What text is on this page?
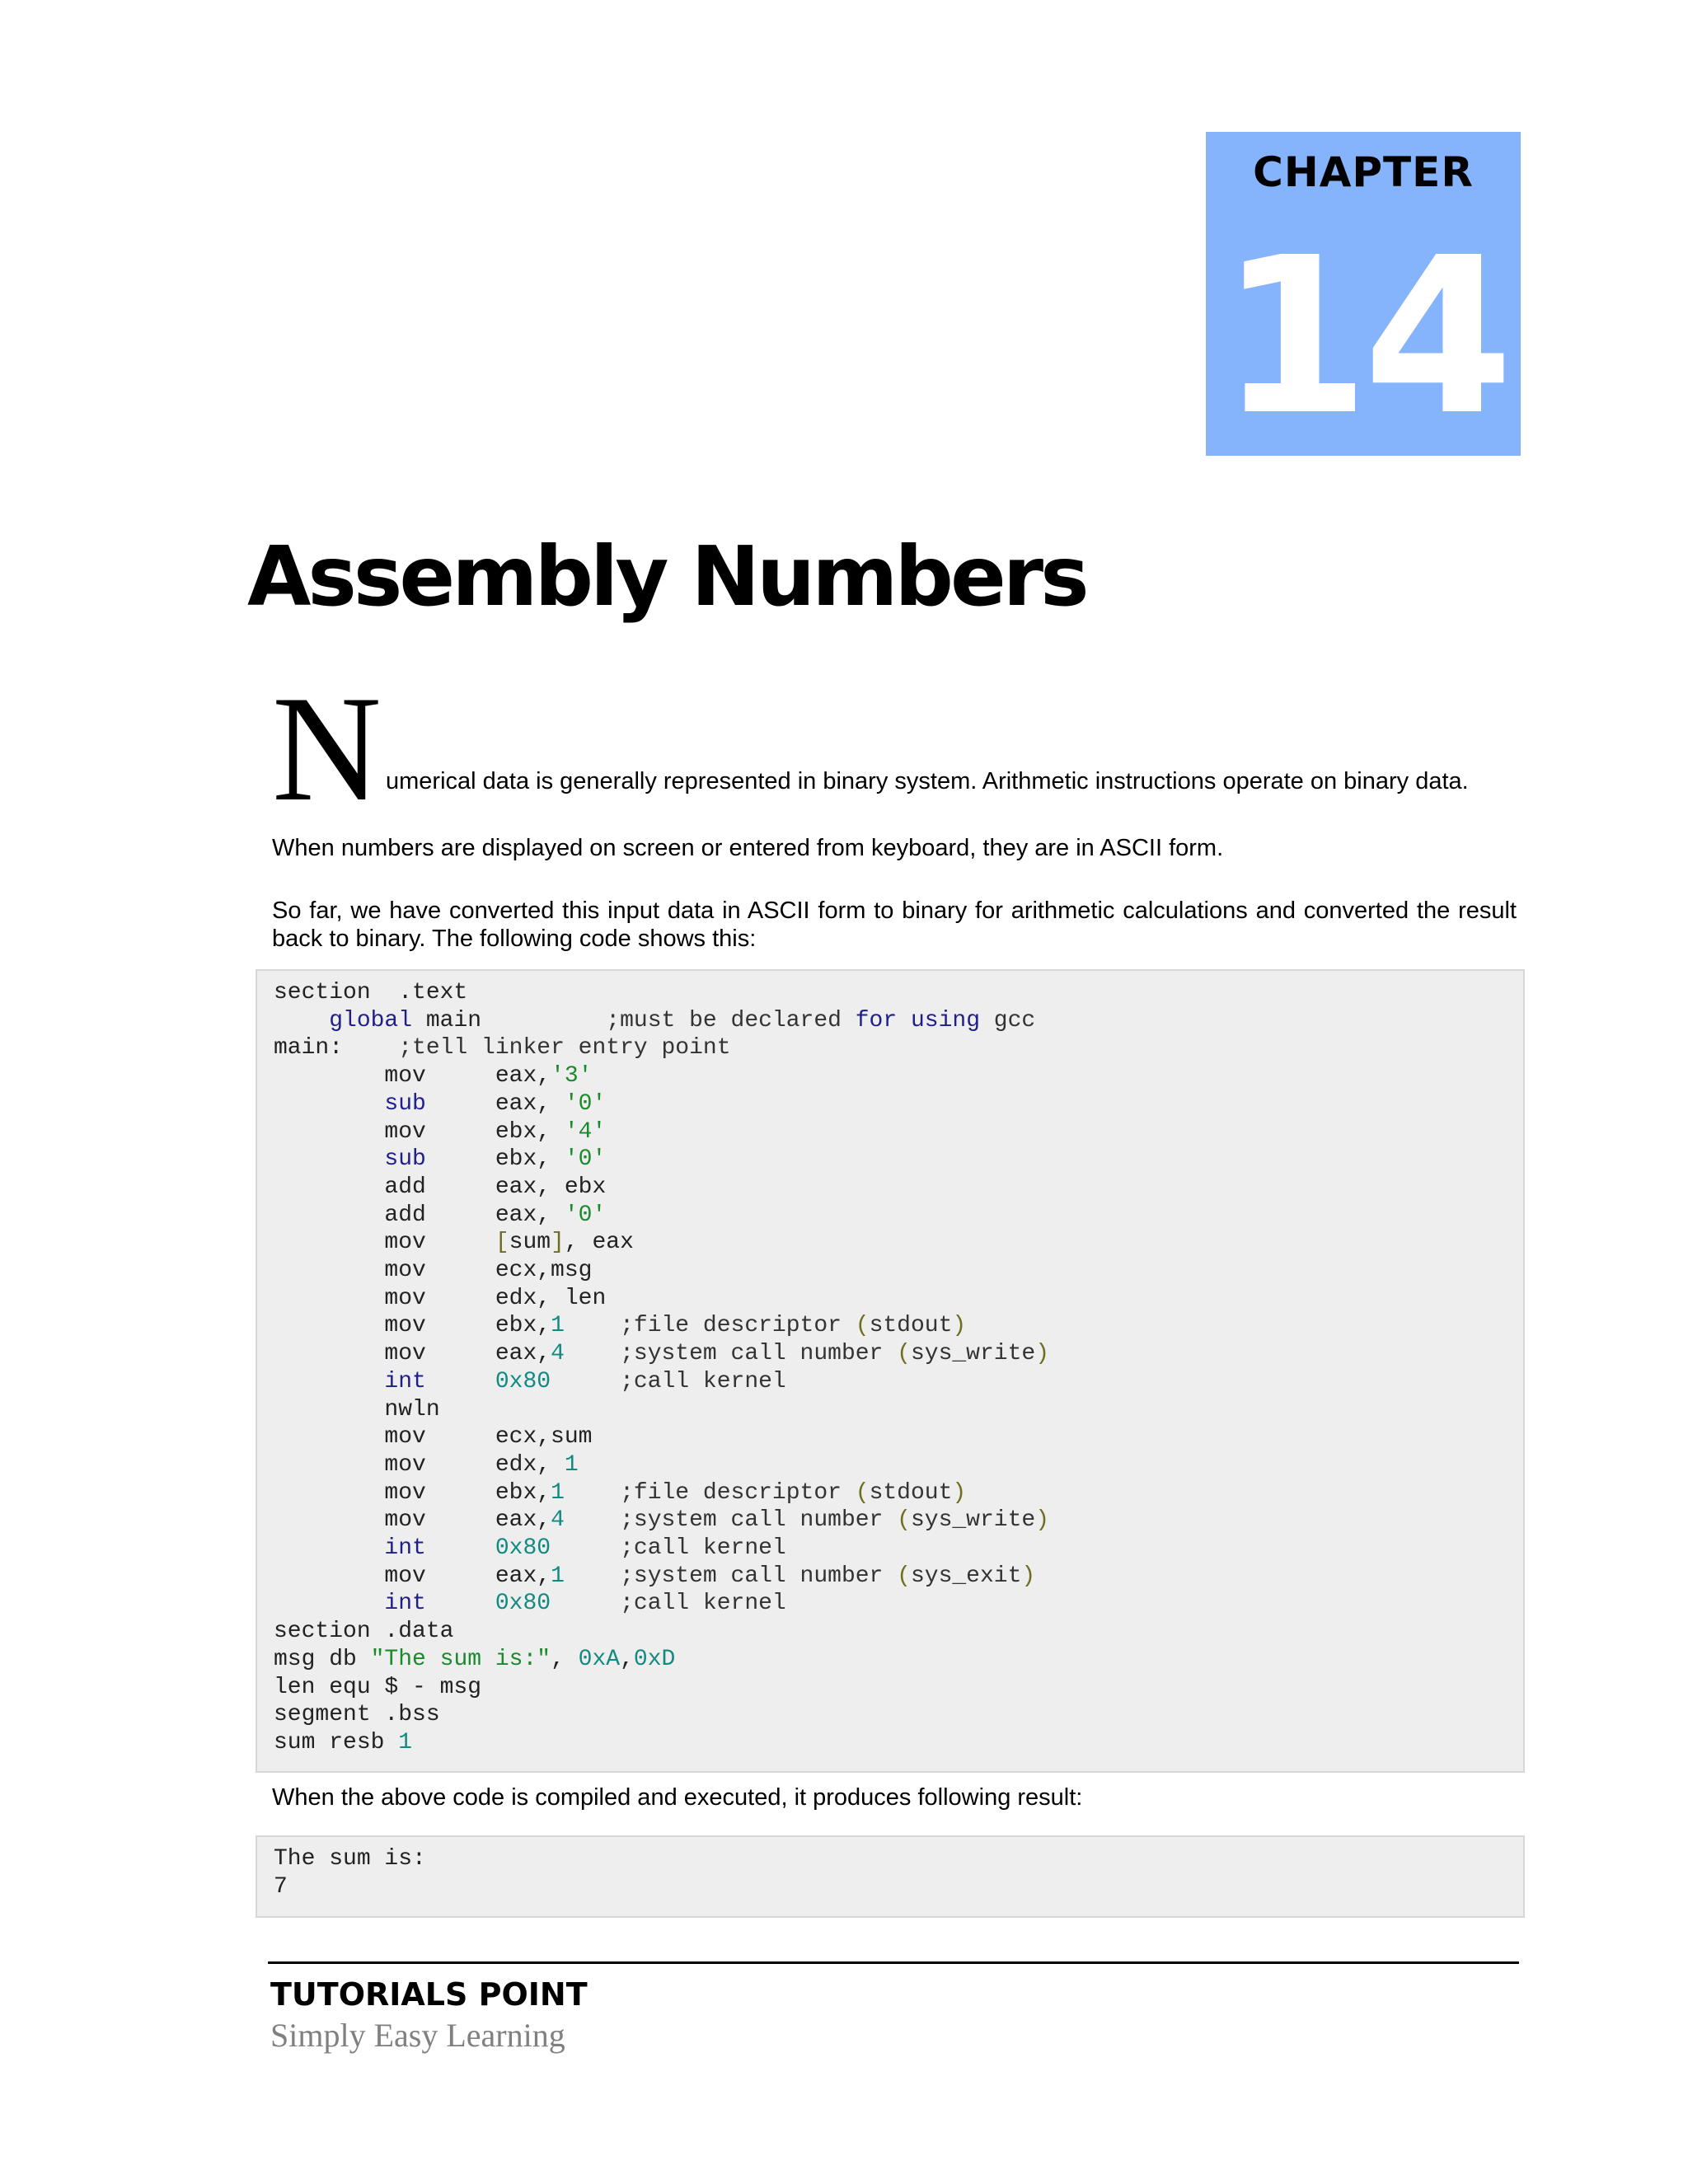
CHAPTER
14
Assembly Numbers
N umerical data is generally represented in binary system. Arithmetic instructions operate on binary data.

When numbers are displayed on screen or entered from keyboard, they are in ASCII form.

So far, we have converted this input data in ASCII form to binary for arithmetic calculations and converted the result back to binary. The following code shows this:

section  .text
global main         ;must be declared for using gcc
main:    ;tell linker entry point
mov     eax,'3'
sub     eax, '0'
mov     ebx, '4'
sub     ebx, '0'
add     eax, ebx
add     eax, '0'
mov     [sum], eax
mov     ecx,msg
mov     edx, len
mov     ebx,1 ;file descriptor (stdout)
mov     eax,4 ;system call number (sys_write)
int	0x80	;call kernel
nwln
mov     ecx,sum
mov     edx, 1
mov     ebx,1 ;file descriptor (stdout)
mov     eax,4 ;system call number (sys_write)
int	0x80	;call kernel
mov     eax,1 ;system call number (sys_exit)
int	0x80	;call kernel
section .data
msg db "The sum is:", 0xA,0xD
len equ $ - msg
segment .bss
sum resb 1

When the above code is compiled and executed, it produces following result:

The sum is:
7
TUTORIALS POINT
Simply Easy Learning
